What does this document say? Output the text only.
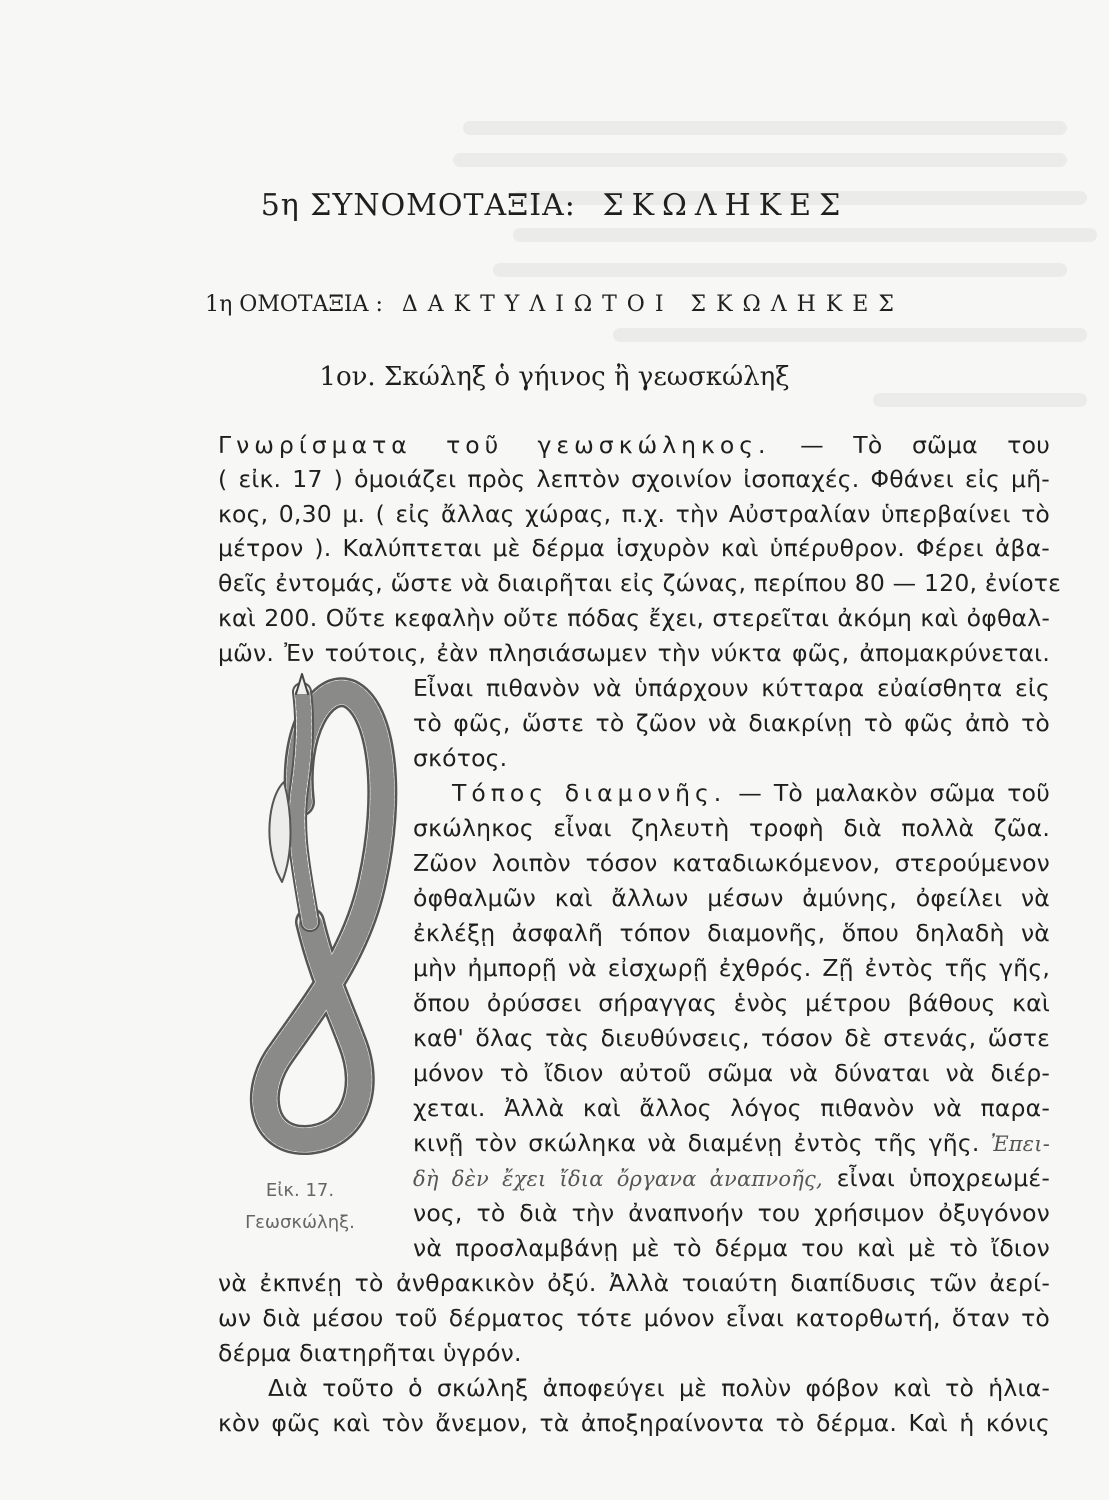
5η ΣΥΝΟΜΟΤΑΞΙΑ: ΣΚΩΛΗΚΕΣ
1η ΟΜΟΤΑΞΙΑ : ΔΑΚΤΥΛΙΩΤΟΙ ΣΚΩΛΗΚΕΣ
1ον. Σκώληξ ὁ γήινος ἢ γεωσκώληξ
Γνωρίσματα τοῦ γεωσκώληκος. — Τὸ σῶμα του
( εἰκ. 17 ) ὁμοιάζει πρὸς λεπτὸν σχοινίον ἰσοπαχές. Φθάνει εἰς μῆ-
κος, 0,30 μ. ( εἰς ἄλλας χώρας, π.χ. τὴν Αὐστραλίαν ὑπερβαίνει τὸ
μέτρον ). Καλύπτεται μὲ δέρμα ἰσχυρὸν καὶ ὑπέρυθρον. Φέρει ἀβα-
θεῖς ἐντομάς, ὥστε νὰ διαιρῆται εἰς ζώνας, περίπου 80 — 120, ἐνίοτε
καὶ 200. Οὔτε κεφαλὴν οὔτε πόδας ἔχει, στερεῖται ἀκόμη καὶ ὀφθαλ-
μῶν. Ἐν τούτοις, ἐὰν πλησιάσωμεν τὴν νύκτα φῶς, ἀπομακρύνεται.
Εἶναι πιθανὸν νὰ ὑπάρχουν κύτταρα εὐαίσθητα εἰς
τὸ φῶς, ὥστε τὸ ζῶον νὰ διακρίνῃ τὸ φῶς ἀπὸ τὸ
σκότος.
Τόπος διαμονῆς. — Τὸ μαλακὸν σῶμα τοῦ
σκώληκος εἶναι ζηλευτὴ τροφὴ διὰ πολλὰ ζῶα.
Ζῶον λοιπὸν τόσον καταδιωκόμενον, στερούμενον
ὀφθαλμῶν καὶ ἄλλων μέσων ἀμύνης, ὀφείλει νὰ
ἐκλέξῃ ἀσφαλῆ τόπον διαμονῆς, ὅπου δηλαδὴ νὰ
μὴν ἠμπορῇ νὰ εἰσχωρῇ ἐχθρός. Ζῇ ἐντὸς τῆς γῆς,
ὅπου ὀρύσσει σήραγγας ἑνὸς μέτρου βάθους καὶ
καθ' ὅλας τὰς διευθύνσεις, τόσον δὲ στενάς, ὥστε
μόνον τὸ ἴδιον αὐτοῦ σῶμα νὰ δύναται νὰ διέρ-
χεται. Ἀλλὰ καὶ ἄλλος λόγος πιθανὸν νὰ παρα-
κινῇ τὸν σκώληκα νὰ διαμένῃ ἐντὸς τῆς γῆς. Ἐπει-
δὴ δὲν ἔχει ἴδια ὄργανα ἀναπνοῆς, εἶναι ὑποχρεωμέ-
νος, τὸ διὰ τὴν ἀναπνοήν του χρήσιμον ὀξυγόνον
νὰ προσλαμβάνῃ μὲ τὸ δέρμα του καὶ μὲ τὸ ἴδιον
νὰ ἐκπνέῃ τὸ ἀνθρακικὸν ὀξύ. Ἀλλὰ τοιαύτη διαπίδυσις τῶν ἀερί-
ων διὰ μέσου τοῦ δέρματος τότε μόνον εἶναι κατορθωτή, ὅταν τὸ
δέρμα διατηρῆται ὑγρόν.
Διὰ τοῦτο ὁ σκώληξ ἀποφεύγει μὲ πολὺν φόβον καὶ τὸ ἡλια-
κὸν φῶς καὶ τὸν ἄνεμον, τὰ ἀποξηραίνοντα τὸ δέρμα. Καὶ ἡ κόνις
Εἰκ. 17.
Γεωσκώληξ.
